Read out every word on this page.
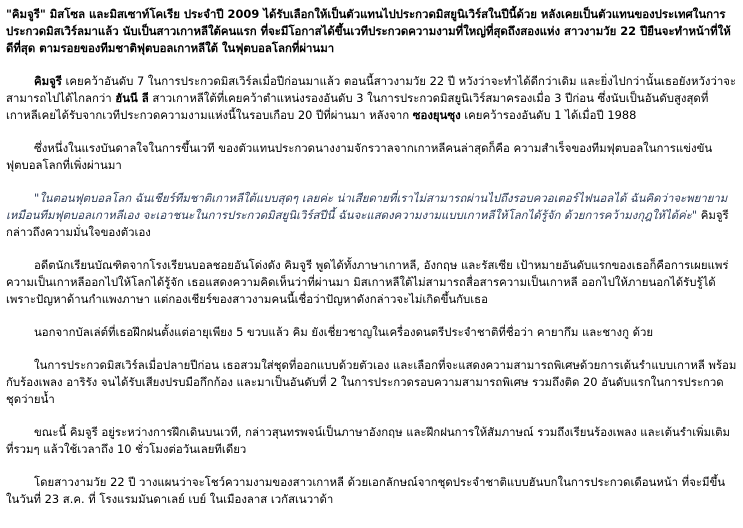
"คิมจูรี" มิสโซล และมิสเซาท์โคเรีย ประจำปี 2009 ได้รับเลือกให้เป็นตัวแทนไปประกวดมิสยูนิเวิร์สในปีนี้ด้วย หลังเคยเป็นตัวแทนของประเทศในการประกวดมิสเวิร์ลมาแล้ว นับเป็นสาวเกาหลีใต้คนแรก ที่จะมีโอกาสได้ขึ้นเวทีประกวดความงามที่ใหญ่ที่สุดถึงสองแห่ง สาวงามวัย 22 ปียืนจะทำหน้าที่ให้ดีที่สุด ตามรอยของทีมชาติฟุตบอลเกาหลีใต้ ในฟุตบอลโลกที่ผ่านมา

คิมจูรี เคยคว้าอันดับ 7 ในการประกวดมิสเวิร์ลเมื่อปีก่อนมาแล้ว ตอนนี้สาวงามวัย 22 ปี หวังว่าจะทำได้ดีกว่าเดิม และยิ่งไปกว่านั้นเธอยังหวังว่าจะสามารถไปได้ไกลกว่า ฮันนี ลี สาวเกาหลีใต้ที่เคยคว้าตำแหน่งรองอันดับ 3 ในการประกวดมิสยูนิเวิร์สมาครองเมื่อ 3 ปีก่อน ซึ่งนับเป็นอันดับสูงสุดที่เกาหลีเคยได้รับจากเวทีประกวดความงามแห่งนี้ในรอบเกือบ 20 ปีที่ผ่านมา หลังจาก ซองยุนซุง เคยคว้ารองอันดับ 1 ได้เมื่อปี 1988

ซึ่งหนึ่งในแรงบันดาลใจในการขึ้นเวที ของตัวแทนประกวดนางงามจักรวาลจากเกาหลีคนล่าสุดก็คือ ความสำเร็จของทีมฟุตบอลในการแข่งขันฟุตบอลโลกที่เพิ่งผ่านมา

"ในตอนฟุตบอลโลก ฉันเชียร์ทีมชาติเกาหลีใต้แบบสุดๆ เลยค่ะ น่าเสียดายที่เราไม่สามารถผ่านไปถึงรอบควอเตอร์ไฟนอลได้ ฉันคิดว่าจะพยายามเหมือนทีมฟุตบอลเกาหลีเอง จะเอาชนะในการประกวดมิสยูนิเวิร์สปีนี้ ฉันจะแสดงความงามแบบเกาหลีให้โลกได้รู้จัก ด้วยการคว้ามงกุฎให้ได้ค่ะ" คิมจูรี กล่าวถึงความมั่นใจของตัวเอง

อดีตนักเรียนบัณฑิตจากโรงเรียนบอลชอยอันโด่งดัง คิมจูรี พูดได้ทั้งภาษาเกาหลี, อังกฤษ และรัสเซีย เป้าหมายอันดับแรกของเธอก็คือการเผยแพร่ความเป็นเกาหลีออกไปให้โลกได้รู้จัก เธอแสดงความคิดเห็นว่าที่ผ่านมา มิสเกาหลีใต้ไม่สามารถสื่อสารความเป็นเกาหลี ออกไปให้ภายนอกได้รับรู้ได้เพราะปัญหาด้านกำแพงภาษา แต่กองเชียร์ของสาวงามคนนี้เชื่อว่าปัญหาดังกล่าวจะไม่เกิดขึ้นกับเธอ

นอกจากบัลเล่ต์ที่เธอฝึกฝนตั้งแต่อายุเพียง 5 ขวบแล้ว คิม ยังเชี่ยวชาญในเครื่องดนตรีประจำชาติที่ชื่อว่า คายากึม และชางกู ด้วย

ในการประกวดมิสเวิร์ลเมื่อปลายปีก่อน เธอสวมใส่ชุดที่ออกแบบด้วยตัวเอง และเลือกที่จะแสดงความสามารถพิเศษด้วยการเต้นรำแบบเกาหลี พร้อมกับร้องเพลง อาริรัง จนได้รับเสียงปรบมือกึกก้อง และมาเป็นอันดับที่ 2 ในการประกวดรอบความสามารถพิเศษ รวมถึงติด 20 อันดับแรกในการประกวดชุดว่ายน้ำ

ขณะนี้ คิมจูรี อยู่ระหว่างการฝึกเดินบนเวที, กล่าวสุนทรพจน์เป็นภาษาอังกฤษ และฝึกฝนการให้สัมภาษณ์ รวมถึงเรียนร้องเพลง และเต้นรำเพิ่มเติม ที่รวมๆ แล้วใช้เวลาถึง 10 ชั่วโมงต่อวันเลยทีเดียว

โดยสาวงามวัย 22 ปี วางแผนว่าจะโชว์ความงามของสาวเกาหลี ด้วยเอกลักษณ์จากชุดประจำชาติแบบฮันบกในการประกวดเดือนหน้า ที่จะมีขึ้นในวันที่ 23 ส.ค. ที่ โรงแรมมันดาเลย์ เบย์ ในเมืองลาส เวกัสเนวาด้า
